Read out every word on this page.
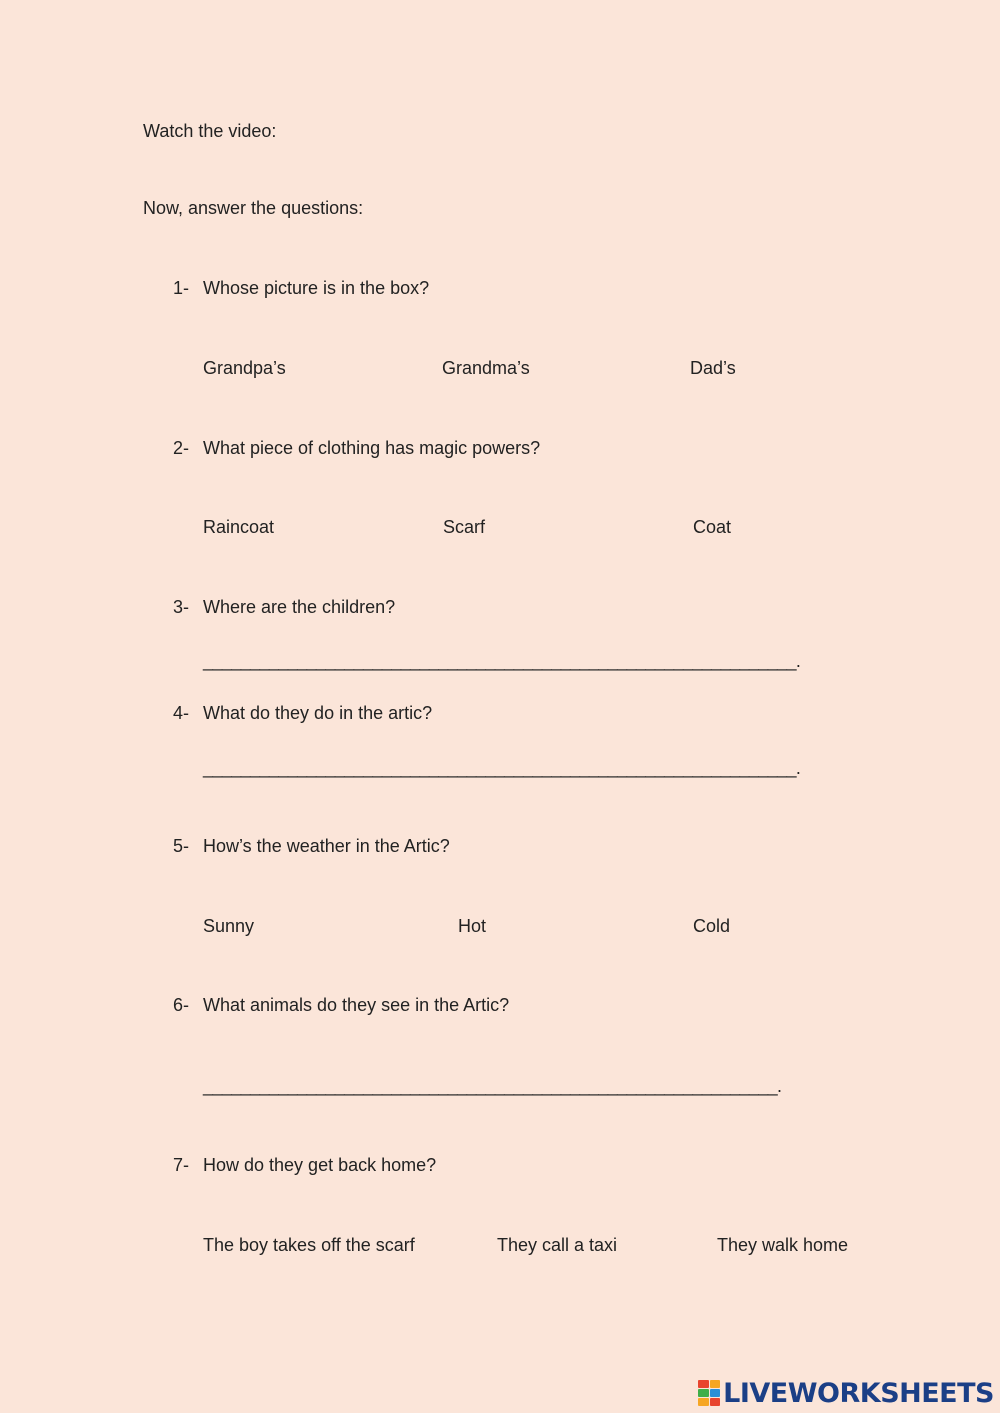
Watch the video:
Now, answer the questions:
1- Whose picture is in the box?
Grandpa’s	Grandma’s	Dad’s
2- What piece of clothing has magic powers?
Raincoat	Scarf	Coat
3- Where are the children?
_______________________________________________________________.
4- What do they do in the artic?
_______________________________________________________________.
5- How’s the weather in the Artic?
Sunny	Hot	Cold
6- What animals do they see in the Artic?
_____________________________________________________________.
7- How do they get back home?
The boy takes off the scarf	They call a taxi	They walk home
LIVEWORKSHEETS
